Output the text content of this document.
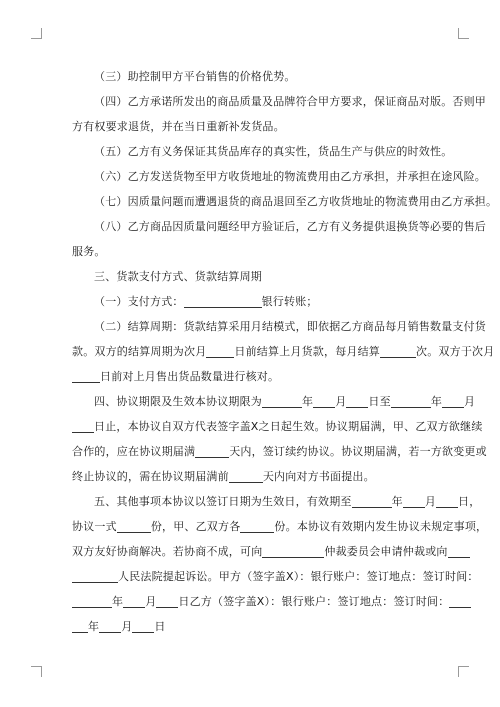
（三）助控制甲方平台销售的价格优势。
（四）乙方承诺所发出的商品质量及品牌符合甲方要求，保证商品对版。否则甲
方有权要求退货，并在当日重新补发货品。
（五）乙方有义务保证其货品库存的真实性，货品生产与供应的时效性。
（六）乙方发送货物至甲方收货地址的物流费用由乙方承担，并承担在途风险。
（七）因质量问题而遭遇退货的商品退回至乙方收货地址的物流费用由乙方承担。
（八）乙方商品因质量问题经甲方验证后，乙方有义务提供退换货等必要的售后
服务。
三、货款支付方式、货款结算周期
（一）支付方式：	银行转账；
（二）结算周期：货款结算采用月结模式，即依据乙方商品每月销售数量支付货
款。双方的结算周期为次月	日前结算上月货款，每月结算	次。双方于次月
日前对上月售出货品数量进行核对。
四、协议期限及生效本协议期限为	年 月 日至	年 月
日止，本协议自双方代表签字盖X之日起生效。协议期届满，甲、乙双方欲继续
合作的，应在协议期届满	天内，签订续约协议。协议期届满，若一方欲变更或
终止协议的，需在协议期届满前	天内向对方书面提出。
五、其他事项本协议以签订日期为生效日，有效期至	年 月 日，
协议一式	份，甲、乙双方各	份。本协议有效期内发生协议未规定事项，
双方友好协商解决。若协商不成，可向	仲裁委员会申请仲裁或向
人民法院提起诉讼。甲方（签字盖X）：银行账户：签订地点：签订时间：
年 月 日乙方（签字盖X）：银行账户：签订地点：签订时间：
年 月 日
